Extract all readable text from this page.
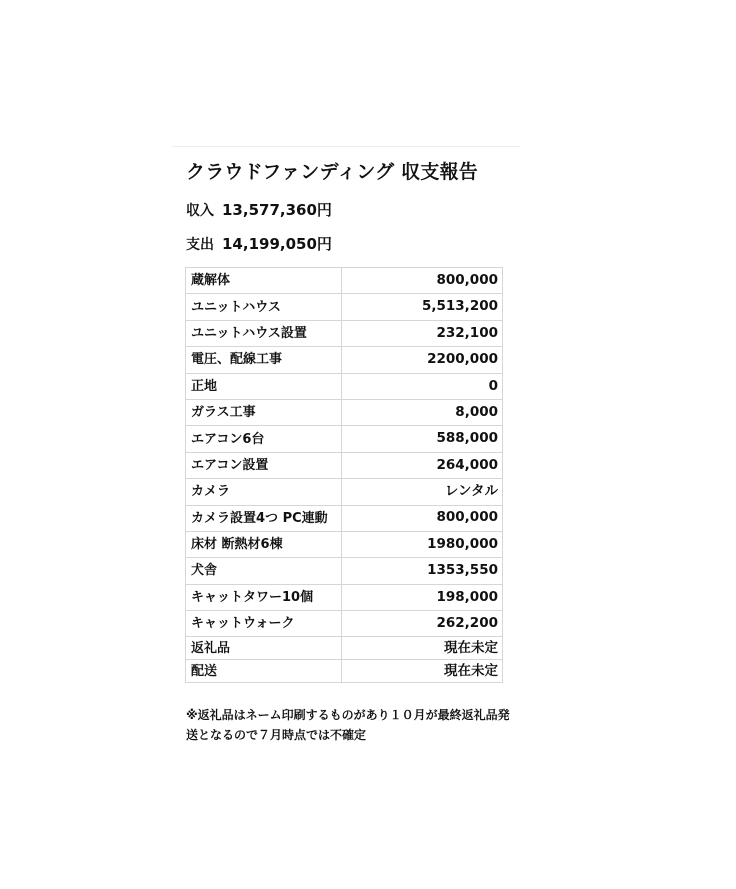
クラウドファンディング 収支報告
収入 13,577,360円
支出 14,199,050円
蔵解体	800,000
ユニットハウス	5,513,200
ユニットハウス設置	232,100
電圧、配線工事	2200,000
正地	0
ガラス工事	8,000
エアコン6台	588,000
エアコン設置	264,000
カメラ	レンタル
カメラ設置4つ PC連動	800,000
床材 断熱材6棟	1980,000
犬舎	1353,550
キャットタワー10個	198,000
キャットウォーク	262,200
返礼品	現在未定
配送	現在未定
※返礼品はネーム印刷するものがあり１０月が最終返礼品発送となるので７月時点では不確定
